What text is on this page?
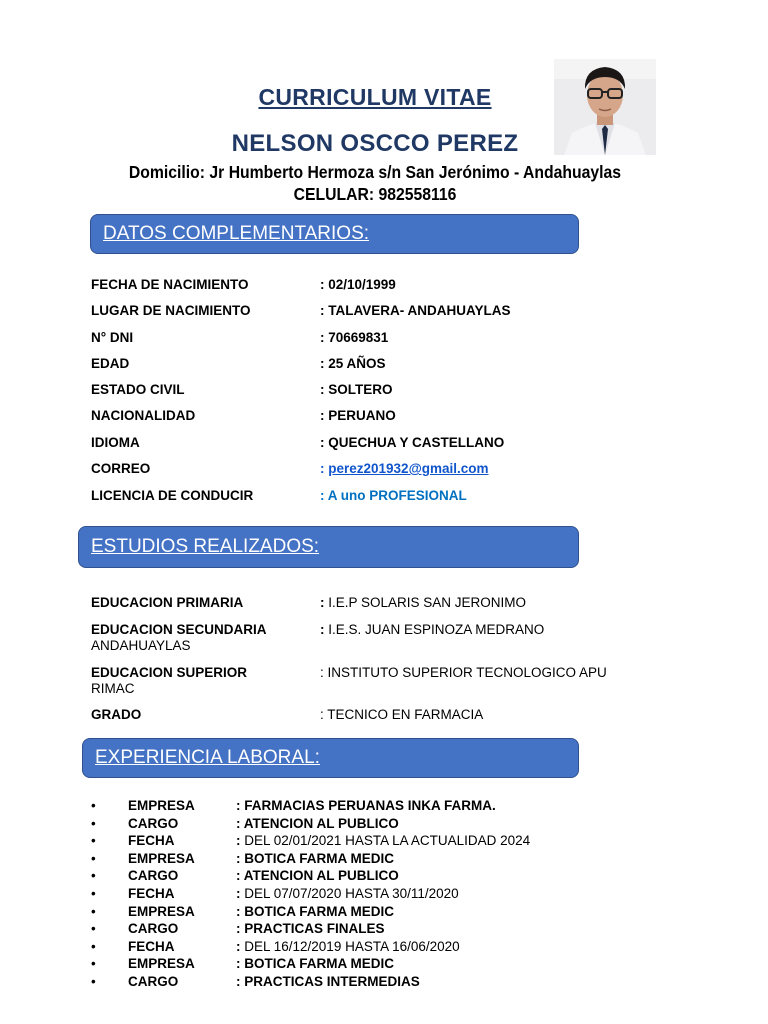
CURRICULUM VITAE
NELSON OSCCO PEREZ
Domicilio: Jr Humberto Hermoza s/n San Jerónimo - Andahuaylas
CELULAR: 982558116
DATOS COMPLEMENTARIOS:
FECHA DE NACIMIENTO	: 02/10/1999
LUGAR DE NACIMIENTO	: TALAVERA- ANDAHUAYLAS
N° DNI	: 70669831
EDAD	: 25 AÑOS
ESTADO CIVIL	: SOLTERO
NACIONALIDAD	: PERUANO
IDIOMA	: QUECHUA Y CASTELLANO
CORREO	: perez201932@gmail.com
LICENCIA DE CONDUCIR	: A uno PROFESIONAL
ESTUDIOS REALIZADOS:
EDUCACION PRIMARIA	: I.E.P SOLARIS SAN JERONIMO
EDUCACION SECUNDARIA	: I.E.S. JUAN ESPINOZA MEDRANO
ANDAHUAYLAS
EDUCACION SUPERIOR	: INSTITUTO SUPERIOR TECNOLOGICO APU
RIMAC
GRADO	: TECNICO EN FARMACIA
EXPERIENCIA LABORAL:
• EMPRESA	: FARMACIAS PERUANAS INKA FARMA.
• CARGO	: ATENCION AL PUBLICO
• FECHA	: DEL 02/01/2021 HASTA LA ACTUALIDAD 2024
• EMPRESA	: BOTICA FARMA MEDIC
• CARGO	: ATENCION AL PUBLICO
• FECHA	: DEL 07/07/2020 HASTA 30/11/2020
• EMPRESA	: BOTICA FARMA MEDIC
• CARGO	: PRACTICAS FINALES
• FECHA	: DEL 16/12/2019 HASTA 16/06/2020
• EMPRESA	: BOTICA FARMA MEDIC
• CARGO	: PRACTICAS INTERMEDIAS
